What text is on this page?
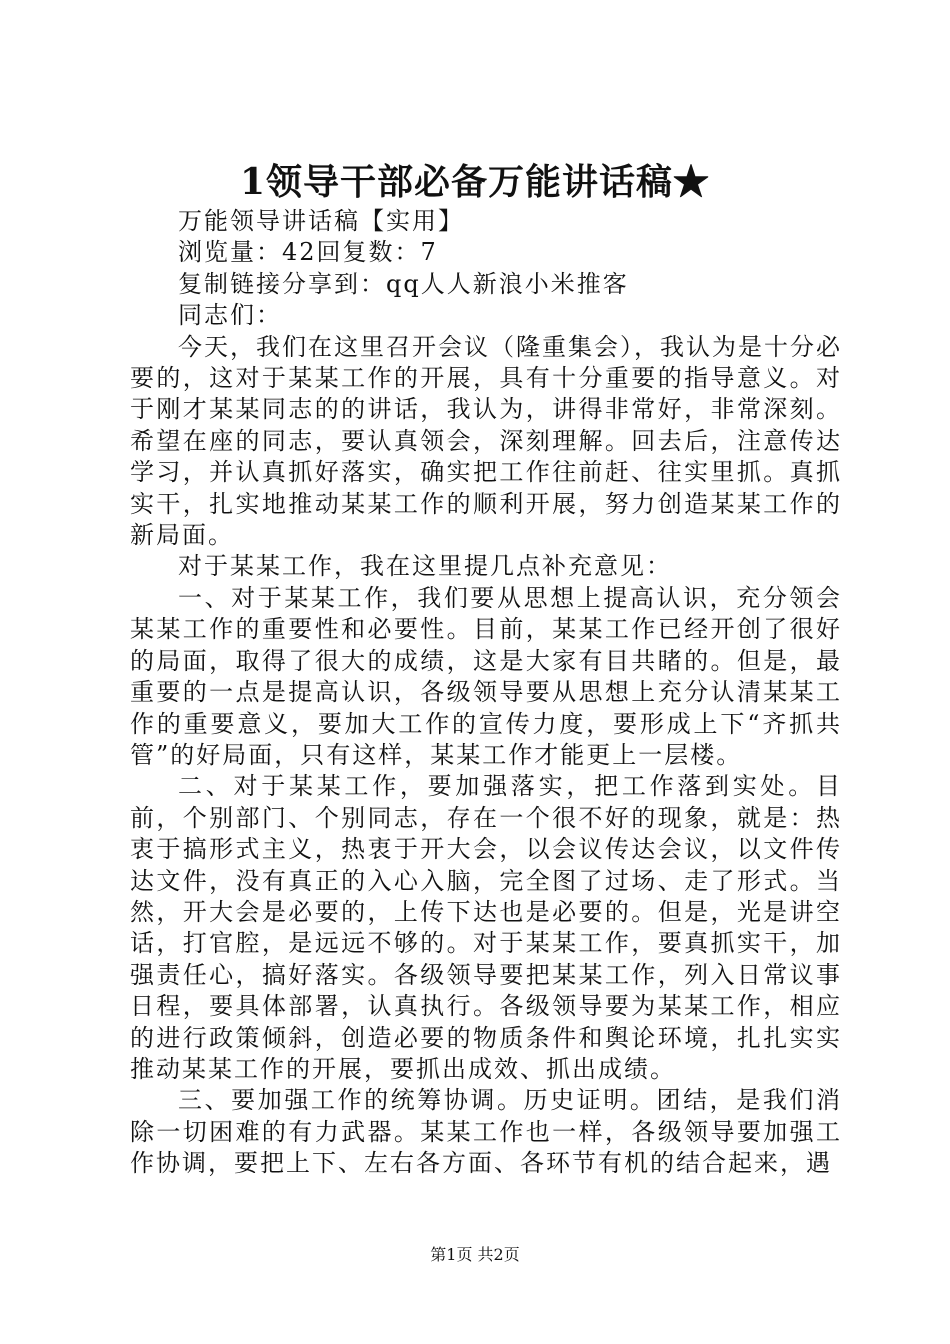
1领导干部必备万能讲话稿★

万能领导讲话稿【实用】

浏览量：42回复数：7

复制链接分享到：qq人人新浪小米推客

同志们：

今天，我们在这里召开会议（隆重集会），我认为是十分必要的，这对于某某工作的开展，具有十分重要的指导意义。对于刚才某某同志的的讲话，我认为，讲得非常好，非常深刻。希望在座的同志，要认真领会，深刻理解。回去后，注意传达学习，并认真抓好落实，确实把工作往前赶、往实里抓。真抓实干，扎实地推动某某工作的顺利开展，努力创造某某工作的新局面。

对于某某工作，我在这里提几点补充意见：

一、对于某某工作，我们要从思想上提高认识，充分领会某某工作的重要性和必要性。目前，某某工作已经开创了很好的局面，取得了很大的成绩，这是大家有目共睹的。但是，最重要的一点是提高认识，各级领导要从思想上充分认清某某工作的重要意义，要加大工作的宣传力度，要形成上下“齐抓共管”的好局面，只有这样，某某工作才能更上一层楼。

二、对于某某工作，要加强落实，把工作落到实处。目前，个别部门、个别同志，存在一个很不好的现象，就是：热衷于搞形式主义，热衷于开大会，以会议传达会议，以文件传达文件，没有真正的入心入脑，完全图了过场、走了形式。当然，开大会是必要的，上传下达也是必要的。但是，光是讲空话，打官腔，是远远不够的。对于某某工作，要真抓实干，加强责任心，搞好落实。各级领导要把某某工作，列入日常议事日程，要具体部署，认真执行。各级领导要为某某工作，相应的进行政策倾斜，创造必要的物质条件和舆论环境，扎扎实实推动某某工作的开展，要抓出成效、抓出成绩。

三、要加强工作的统筹协调。历史证明。团结，是我们消除一切困难的有力武器。某某工作也一样，各级领导要加强工作协调，要把上下、左右各方面、各环节有机的结合起来，遇

第1页 共2页
